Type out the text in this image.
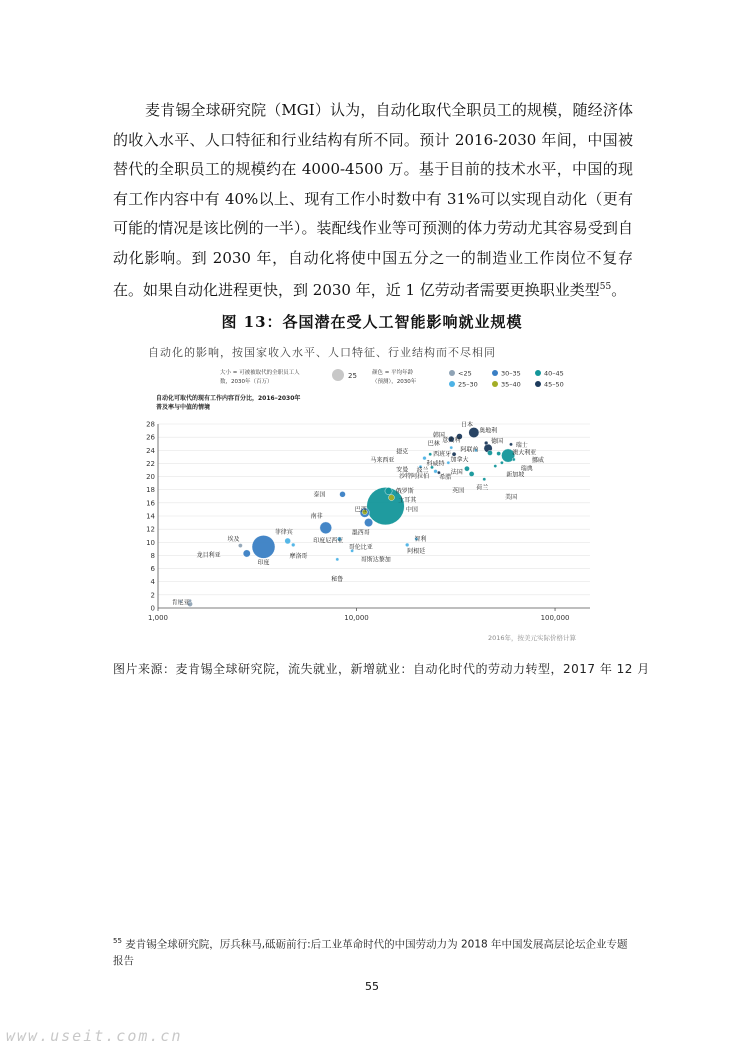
麦肯锡全球研究院（MGI）认为，自动化取代全职员工的规模，随经济体的收入水平、人口特征和行业结构有所不同。预计 2016-2030 年间，中国被替代的全职员工的规模约在 4000-4500 万。基于目前的技术水平，中国的现有工作内容中有 40%以上、现有工作小时数中有 31%可以实现自动化（更有可能的情况是该比例的一半）。装配线作业等可预测的体力劳动尤其容易受到自动化影响。到 2030 年，自动化将使中国五分之一的制造业工作岗位不复存在。如果自动化进程更快，到 2030 年，近 1 亿劳动者需要更换职业类型$^{55}$。
图 13：各国潜在受人工智能影响就业规模
自动化的影响，按国家收入水平、人口特征、行业结构而不尽相同
大小 = 可被被取代的全职员工人
数，2030年（百万）
25	颜色 = 平均年龄
（预测），2030年
<25
25–30
30–35
35–40
40–45
45–50
自动化可取代的现有工作内容百分比，2016–2030年
普及率与中值的情境
0
2
4
6
8
10
12
14
16
18
20
22
24
26
28
1,000	10,000	100,000
日本
韩国
奥地利
意大利	德国
巴林
阿联酋
瑞士
西班牙	澳大利亚
捷克
加拿大	挪威
马来西亚	科威特
瑞典
安曼 波兰	法国	新加坡
沙特阿拉伯 希腊
英国 荷兰
美国
泰国	俄罗斯
土耳其
中国
南非
巴西
菲律宾	墨西哥
埃及	印度尼西亚	智利
哥伦比亚
阿根廷
龙目利亚	摩洛哥
印度	哥斯达黎加
秘鲁
肯尼亚
2016年，按美元实际价格计算
图片来源：麦肯锡全球研究院，流失就业，新增就业：自动化时代的劳动力转型，2017 年 12 月
$^{55}$ 麦肯锡全球研究院，厉兵秣马,砥砺前行:后工业革命时代的中国劳动力为 2018 年中国发展高层论坛企业专题报告
55
www.useit.com.cn
